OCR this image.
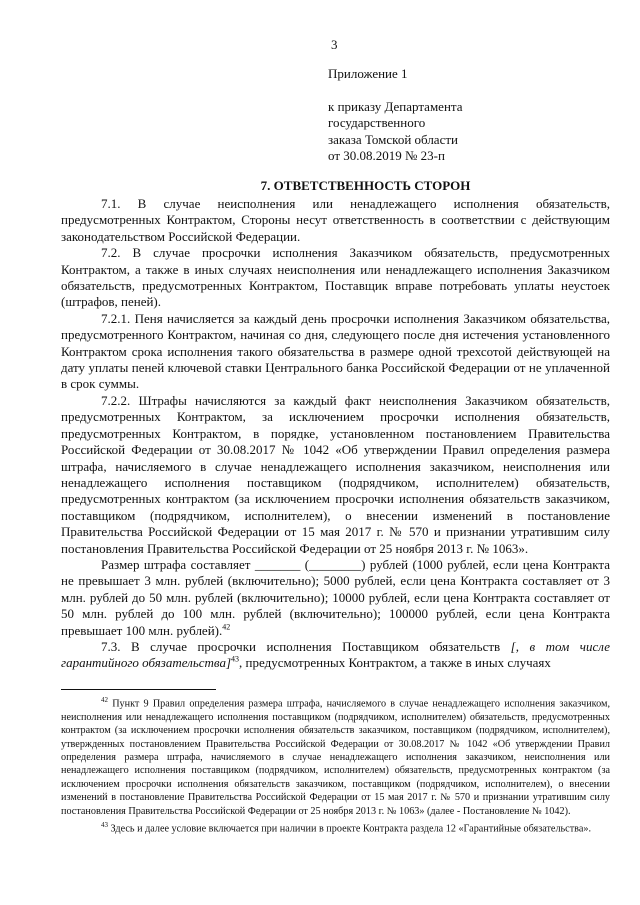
3
Приложение 1
к приказу Департамента
государственного
заказа Томской области
от 30.08.2019 № 23-п
7. ОТВЕТСТВЕННОСТЬ СТОРОН

7.1. В случае неисполнения или ненадлежащего исполнения обязательств, предусмотренных Контрактом, Стороны несут ответственность в соответствии с действующим законодательством Российской Федерации.

7.2. В случае просрочки исполнения Заказчиком обязательств, предусмотренных Контрактом, а также в иных случаях неисполнения или ненадлежащего исполнения Заказчиком обязательств, предусмотренных Контрактом, Поставщик вправе потребовать уплаты неустоек (штрафов, пеней).

7.2.1. Пеня начисляется за каждый день просрочки исполнения Заказчиком обязательства, предусмотренного Контрактом, начиная со дня, следующего после дня истечения установленного Контрактом срока исполнения такого обязательства в размере одной трехсотой действующей на дату уплаты пеней ключевой ставки Центрального банка Российской Федерации от не уплаченной в срок суммы.

7.2.2. Штрафы начисляются за каждый факт неисполнения Заказчиком обязательств, предусмотренных Контрактом, за исключением просрочки исполнения обязательств, предусмотренных Контрактом, в порядке, установленном постановлением Правительства Российской Федерации от 30.08.2017 № 1042 «Об утверждении Правил определения размера штрафа, начисляемого в случае ненадлежащего исполнения заказчиком, неисполнения или ненадлежащего исполнения поставщиком (подрядчиком, исполнителем) обязательств, предусмотренных контрактом (за исключением просрочки исполнения обязательств заказчиком, поставщиком (подрядчиком, исполнителем), о внесении изменений в постановление Правительства Российской Федерации от 15 мая 2017 г. № 570 и признании утратившим силу постановления Правительства Российской Федерации от 25 ноября 2013 г. № 1063».

Размер штрафа составляет _______ (________) рублей (1000 рублей, если цена Контракта не превышает 3 млн. рублей (включительно); 5000 рублей, если цена Контракта составляет от 3 млн. рублей до 50 млн. рублей (включительно); 10000 рублей, если цена Контракта составляет от 50 млн. рублей до 100 млн. рублей (включительно); 100000 рублей, если цена Контракта превышает 100 млн. рублей).$^{42}$

7.3. В случае просрочки исполнения Поставщиком обязательств [, в том числе гарантийного обязательства]$^{43}$, предусмотренных Контрактом, а также в иных случаях

$^{42}$ Пункт 9 Правил определения размера штрафа, начисляемого в случае ненадлежащего исполнения заказчиком, неисполнения или ненадлежащего исполнения поставщиком (подрядчиком, исполнителем) обязательств, предусмотренных контрактом (за исключением просрочки исполнения обязательств заказчиком, поставщиком (подрядчиком, исполнителем), утвержденных постановлением Правительства Российской Федерации от 30.08.2017 № 1042 «Об утверждении Правил определения размера штрафа, начисляемого в случае ненадлежащего исполнения заказчиком, неисполнения или ненадлежащего исполнения поставщиком (подрядчиком, исполнителем) обязательств, предусмотренных контрактом (за исключением просрочки исполнения обязательств заказчиком, поставщиком (подрядчиком, исполнителем), о внесении изменений в постановление Правительства Российской Федерации от 15 мая 2017 г. № 570 и признании утратившим силу постановления Правительства Российской Федерации от 25 ноября 2013 г. № 1063» (далее - Постановление № 1042).

$^{43}$ Здесь и далее условие включается при наличии в проекте Контракта раздела 12 «Гарантийные обязательства».
